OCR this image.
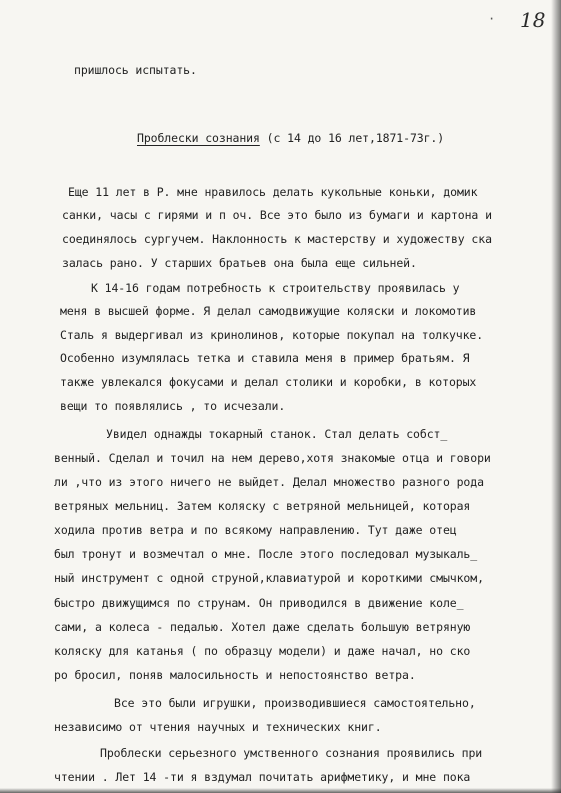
· 18
пришлось испытать.
Проблески сознания (с 14 до 16 лет,1871-73г.)
Еще 11 лет в Р. мне нравилось делать кукольные коньки, домик
санки, часы с гирями и п оч. Все это было из бумаги и картона и
соединялось сургучем. Наклонность к мастерству и художеству ска
залась рано. У старших братьев она была еще сильней.
К 14-16 годам потребность к строительству проявилась у
меня в высшей форме. Я делал самодвижущие коляски и локомотив
Сталь я выдергивал из кринолинов, которые покупал на толкучке.
Особенно изумлялась тетка и ставила меня в пример братьям. Я
также увлекался фокусами и делал столики и коробки, в которых
вещи то появлялись , то исчезали.
Увидел однажды токарный станок. Стал делать собст_
венный. Сделал и точил на нем дерево,хотя знакомые отца и говори
ли ,что из этого ничего не выйдет. Делал множество разного рода
ветряных мельниц. Затем коляску с ветряной мельницей, которая
ходила против ветра и по всякому направлению. Тут даже отец
был тронут и возмечтал о мне. После этого последовал музыкаль_
ный инструмент с одной струной,клавиатурой и короткими смычком,
быстро движущимся по струнам. Он приводился в движение коле_
сами, а колеса - педалью. Хотел даже сделать большую ветряную
коляску для катанья ( по образцу модели) и даже начал, но ско
ро бросил, поняв малосильность и непостоянство ветра.
Все это были игрушки, производившиеся самостоятельно,
независимо от чтения научных и технических книг.
Проблески серьезного умственного сознания проявились при
чтении . Лет 14 -ти я вздумал почитать арифметику, и мне пока
